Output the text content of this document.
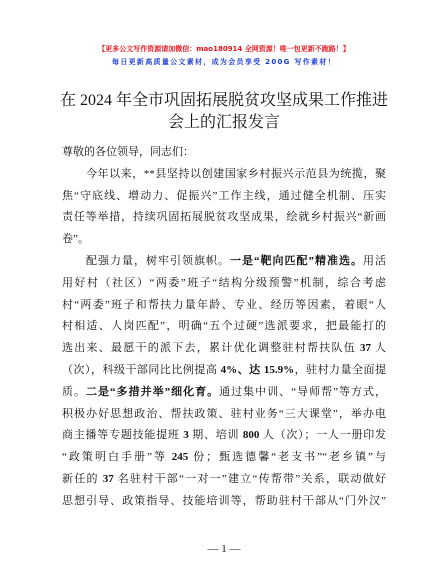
【更多公文写作资源请加微信：mao180914 全网资源！唯一包更新不跑路！】
每日更新高质量公文素材，成为会员享受 200G 写作素材！
在 2024 年全市巩固拓展脱贫攻坚成果工作推进
会上的汇报发言
尊敬的各位领导，同志们：
今年以来，**县坚持以创建国家乡村振兴示范县为统揽，聚
焦“守底线、增动力、促振兴”工作主线，通过健全机制、压实
责任等举措，持续巩固拓展脱贫攻坚成果，绘就乡村振兴“新画
卷”。
配强力量，树牢引领旗帜。一是“靶向匹配”精准选。用活
用好村（社区）“两委”班子“结构分级预警”机制，综合考虑
村“两委”班子和帮扶力量年龄、专业、经历等因素，着眼“人
村相适、人岗匹配”，明确“五个过硬”选派要求，把最能打的
选出来、最愿干的派下去，累计优化调整驻村帮扶队伍 37 人
（次），科级干部同比比例提高 4%、达 15.9%，驻村力量全面提
质。二是“多措并举”细化育。通过集中训、“导师帮”等方式，
积极办好思想政治、帮扶政策、驻村业务“三大课堂”，举办电
商主播等专题技能提班 3 期、培训 800 人（次）；一人一册印发
“政策明白手册”等 245 份；甄选德馨“老支书”“老乡镇”与
新任的 37 名驻村干部“一对一”建立“传帮带”关系，联动做好
思想引导、政策指导、技能培训等，帮助驻村干部从“门外汉”
— 1 —
